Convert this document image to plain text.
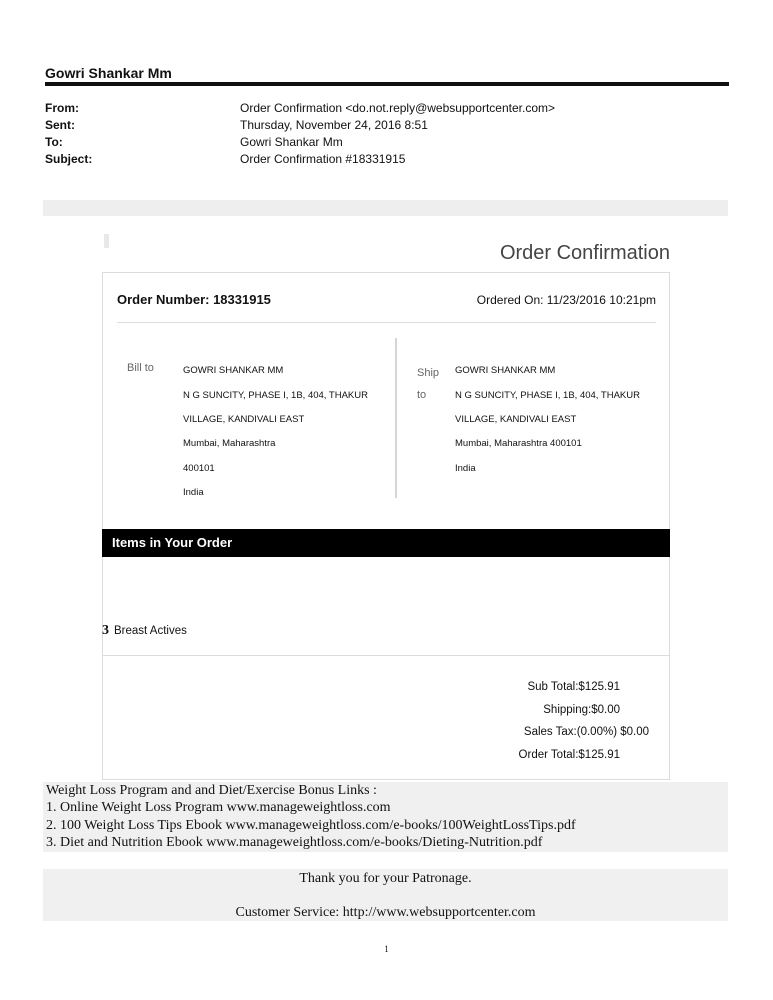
Gowri Shankar Mm
From:	Order Confirmation <do.not.reply@websupportcenter.com>
Sent:	Thursday, November 24, 2016 8:51
To:	Gowri Shankar Mm
Subject:	Order Confirmation #18331915
Order Confirmation
Order Number: 18331915	Ordered On: 11/23/2016 10:21pm
Bill to	GOWRI SHANKAR MM
N G SUNCITY, PHASE I, 1B, 404, THAKUR
VILLAGE, KANDIVALI EAST
Mumbai, Maharashtra
400101
India
Ship to
GOWRI SHANKAR MM
N G SUNCITY, PHASE I, 1B, 404, THAKUR
VILLAGE, KANDIVALI EAST
Mumbai, Maharashtra 400101
India
Items in Your Order
3 Breast Actives
Sub Total:$125.91
Shipping:$0.00
Sales Tax:(0.00%) $0.00
Order Total:$125.91
Weight Loss Program and and Diet/Exercise Bonus Links :
1. Online Weight Loss Program www.manageweightloss.com
2. 100 Weight Loss Tips Ebook www.manageweightloss.com/e-books/100WeightLossTips.pdf
3. Diet and Nutrition Ebook www.manageweightloss.com/e-books/Dieting-Nutrition.pdf
Thank you for your Patronage.
Customer Service: http://www.websupportcenter.com
1
